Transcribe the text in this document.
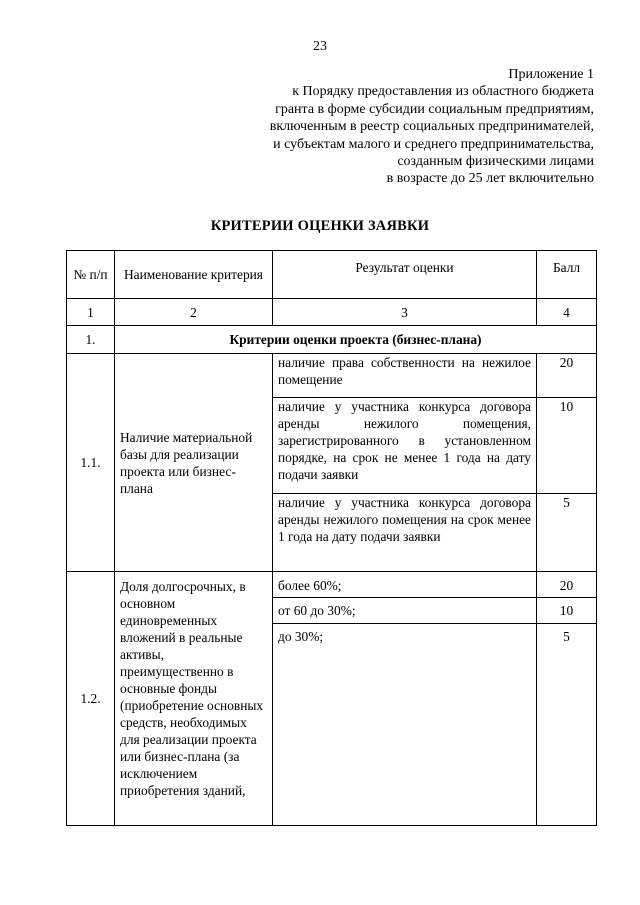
23
Приложение 1
к Порядку предоставления из областного бюджета
гранта в форме субсидии социальным предприятиям,
включенным в реестр социальных предпринимателей,
и субъектам малого и среднего предпринимательства,
созданным физическими лицами
в возрасте до 25 лет включительно
КРИТЕРИИ ОЦЕНКИ ЗАЯВКИ
№ п/п	Наименование критерия	Результат оценки	Балл
1	2	3	4
1.	Критерии оценки проекта (бизнес-плана)		
1.1.	Наличие материальной базы для реализации проекта или бизнес-плана	наличие права собственности на нежилое помещение	20
		наличие у участника конкурса договора аренды нежилого помещения, зарегистрированного в установленном порядке, на срок не менее 1 года на дату подачи заявки	10
		наличие у участника конкурса договора аренды нежилого помещения на срок менее 1 года на дату подачи заявки	5
1.2.	Доля долгосрочных, в основном единовременных вложений в реальные активы, преимущественно в основные фонды (приобретение основных средств, необходимых для реализации проекта или бизнес-плана (за исключением приобретения зданий,	более 60%;	20
		от 60 до 30%;	10
		до 30%;	5
